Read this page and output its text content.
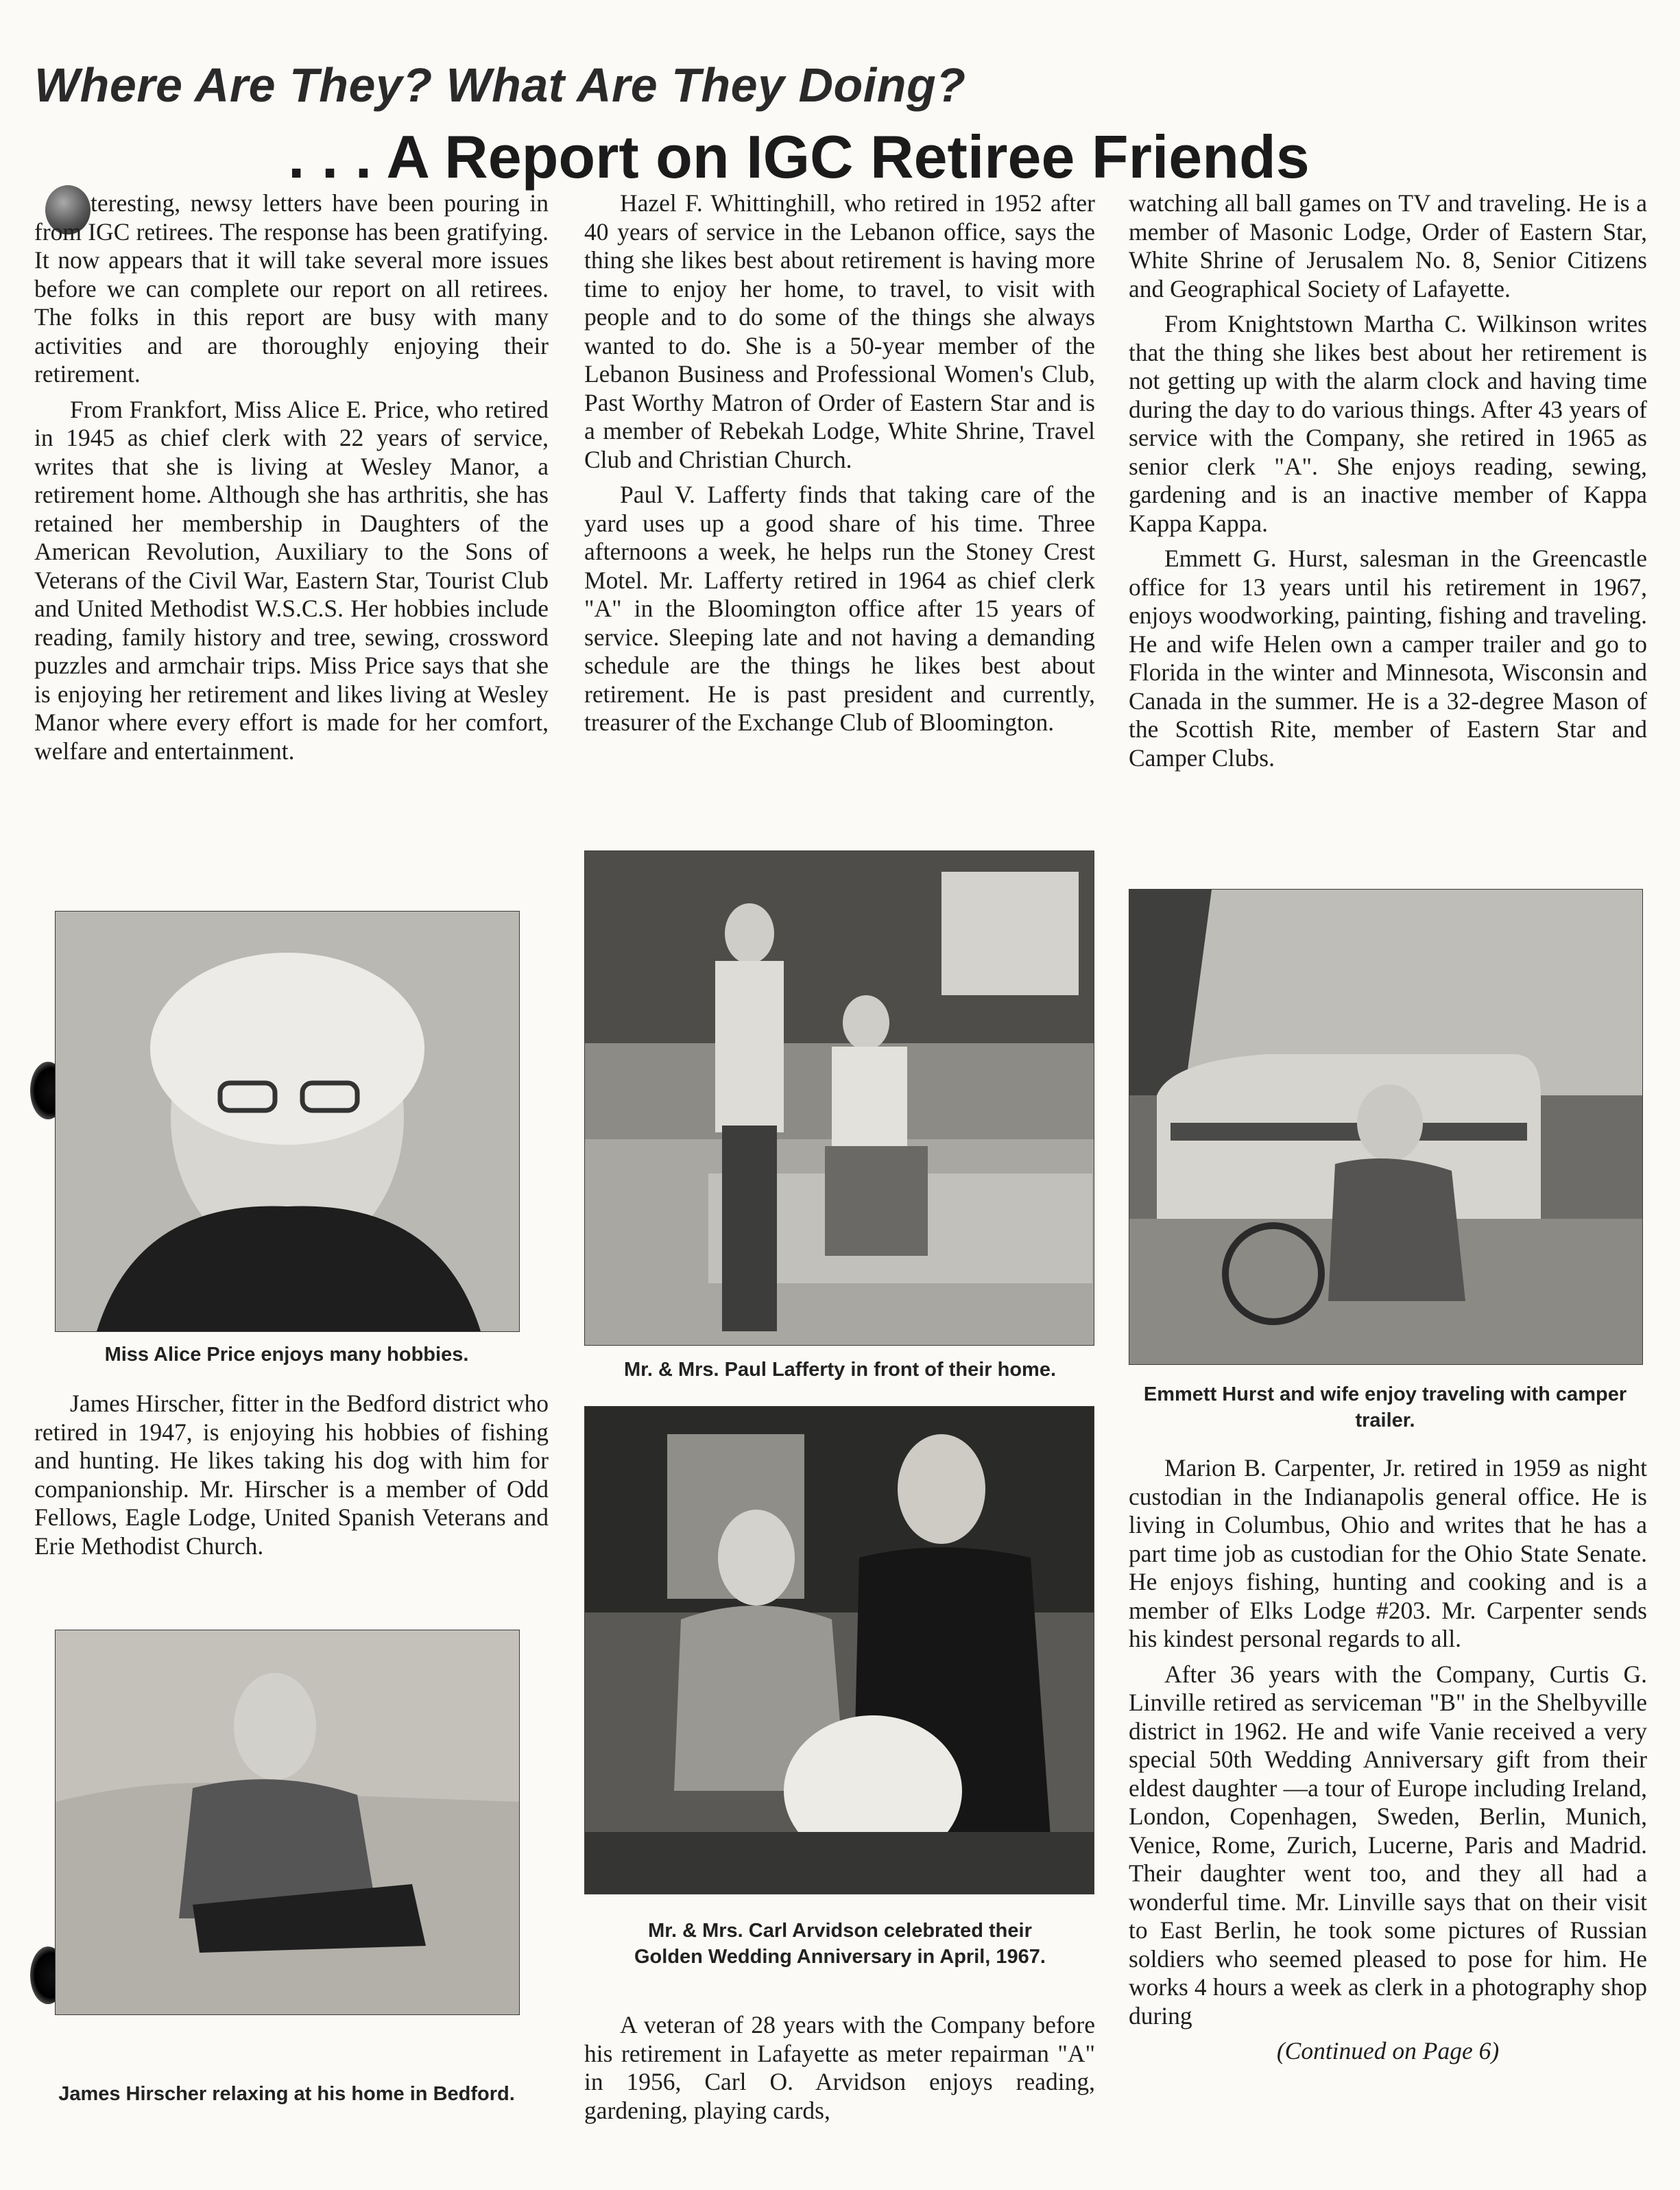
Where Are They? What Are They Doing?
. . . A Report on IGC Retiree Friends

teresting, newsy letters have been pouring in from IGC retirees. The response has been gratifying. It now appears that it will take several more issues before we can complete our report on all retirees. The folks in this report are busy with many activities and are thoroughly enjoying their retirement.

From Frankfort, Miss Alice E. Price, who retired in 1945 as chief clerk with 22 years of service, writes that she is living at Wesley Manor, a retirement home. Although she has arthritis, she has retained her membership in Daughters of the American Revolution, Auxiliary to the Sons of Veterans of the Civil War, Eastern Star, Tourist Club and United Methodist W.S.C.S. Her hobbies include reading, family history and tree, sewing, crossword puzzles and armchair trips. Miss Price says that she is enjoying her retirement and likes living at Wesley Manor where every effort is made for her comfort, welfare and entertainment.

Miss Alice Price enjoys many hobbies.

James Hirscher, fitter in the Bedford district who retired in 1947, is enjoying his hobbies of fishing and hunting. He likes taking his dog with him for companionship. Mr. Hirscher is a member of Odd Fellows, Eagle Lodge, United Spanish Veterans and Erie Methodist Church.

James Hirscher relaxing at his home in Bedford.

Hazel F. Whittinghill, who retired in 1952 after 40 years of service in the Lebanon office, says the thing she likes best about retirement is having more time to enjoy her home, to travel, to visit with people and to do some of the things she always wanted to do. She is a 50-year member of the Lebanon Business and Professional Women's Club, Past Worthy Matron of Order of Eastern Star and is a member of Rebekah Lodge, White Shrine, Travel Club and Christian Church.

Paul V. Lafferty finds that taking care of the yard uses up a good share of his time. Three afternoons a week, he helps run the Stoney Crest Motel. Mr. Lafferty retired in 1964 as chief clerk "A" in the Bloomington office after 15 years of service. Sleeping late and not having a demanding schedule are the things he likes best about retirement. He is past president and currently, treasurer of the Exchange Club of Bloomington.

Mr. & Mrs. Paul Lafferty in front of their home.
Mr. & Mrs. Carl Arvidson celebrated their Golden Wedding Anniversary in April, 1967.

A veteran of 28 years with the Company before his retirement in Lafayette as meter repairman "A" in 1956, Carl O. Arvidson enjoys reading, gardening, playing cards,

watching all ball games on TV and traveling. He is a member of Masonic Lodge, Order of Eastern Star, White Shrine of Jerusalem No. 8, Senior Citizens and Geographical Society of Lafayette.

From Knightstown Martha C. Wilkinson writes that the thing she likes best about her retirement is not getting up with the alarm clock and having time during the day to do various things. After 43 years of service with the Company, she retired in 1965 as senior clerk "A". She enjoys reading, sewing, gardening and is an inactive member of Kappa Kappa Kappa.

Emmett G. Hurst, salesman in the Greencastle office for 13 years until his retirement in 1967, enjoys woodworking, painting, fishing and traveling. He and wife Helen own a camper trailer and go to Florida in the winter and Minnesota, Wisconsin and Canada in the summer. He is a 32-degree Mason of the Scottish Rite, member of Eastern Star and Camper Clubs.

Emmett Hurst and wife enjoy traveling with camper trailer.

Marion B. Carpenter, Jr. retired in 1959 as night custodian in the Indianapolis general office. He is living in Columbus, Ohio and writes that he has a part time job as custodian for the Ohio State Senate. He enjoys fishing, hunting and cooking and is a member of Elks Lodge #203. Mr. Carpenter sends his kindest personal regards to all.

After 36 years with the Company, Curtis G. Linville retired as serviceman "B" in the Shelbyville district in 1962. He and wife Vanie received a very special 50th Wedding Anniversary gift from their eldest daughter —a tour of Europe including Ireland, London, Copenhagen, Sweden, Berlin, Munich, Venice, Rome, Zurich, Lucerne, Paris and Madrid. Their daughter went too, and they all had a wonderful time. Mr. Linville says that on their visit to East Berlin, he took some pictures of Russian soldiers who seemed pleased to pose for him. He works 4 hours a week as clerk in a photography shop during

(Continued on Page 6)
